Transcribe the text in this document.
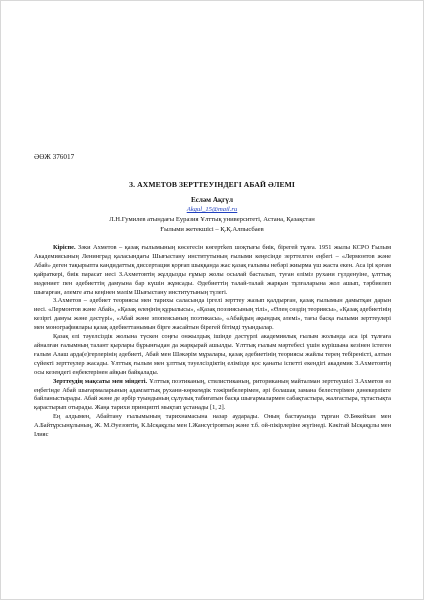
ӘӨЖ 376017
З. АХМЕТОВ ЗЕРТТЕУІНДЕГІ АБАЙ ӘЛЕМІ
Есләм Ақгүл
Akgul_15@mail.ru
Л.Н.Гумилев атындағы Еуразия Ұлттық университеті, Астана, Қазақстан
Ғылыми жетекшісі – Қ.Қ.Алпысбаев

Кіріспе. Зәки Ахметов – қазақ ғылымының көсегесін көгертken шоқтығы биік, бірегей тұлға. 1951 жылы КСРО Ғылым Академиясының Ленинград қаласындағы Шығыстану институтының ғылыми кеңесінде зерттелген еңбегі – «Лермонтов және Абай» деген тақырыпта кандидаттық диссертация қорғап шыққанда жас қазақ ғалымы небәрі жиырма үш жаста екен. Аса ірі қоғам қайраткері, биік парасат иесі З.Ахметовтің жұлдызды ғұмыр жолы осылай басталып, туған еліміз рухани гүлденуіне, ұлттық мәдениет пен әдебиеттің дамуына бар күшін жұмсады. Әдебиеттің талай-талай жарқын тұлғаларына жол ашып, тәрбиелеп шығарған, әлемге аты кеңінен мәлім Шығыстану институтының түлегі.

З.Ахметов – әдебиет теориясы мен тарихы саласында іргелі зерттеу жазып қалдырған, қазақ ғылымын дамытқан дарын иесі. «Лермонтов және Абай», «Қазақ өлеңінің құрылысы», «Қазақ поэзиясының тілі», «Өлең сөздің теориясы», «Қазақ әдебиетінің кезіргі дамуы және дәстүрі», «Абай және эпопеясының поэтикасы», «Абайдың ақындық әлемі», тағы басқа ғылыми зерттеулері мен монографиялары қазақ әдебиеттанымын бірге жасайтын бірегей бітімді туындылар.

Қазақ елі тәуелсіздік жолына түскен соңғы онжылдық ішінде дәстүрлі академиялық ғылым жолында аса ірі тұлғаға айналған ғалымның талант қырлары бұрынғыдан да жарқырай ашылды. Ұлттық ғылым мәртебесі үшін күрішына кезінен істеген ғалым Алаш арда(е)герлерінің әдебиеті, Абай мен Шәкәрім мұралары, қазақ әдебиетінің теориясы жайлы терең тебіреністі, алтын сүйекті зерттеулер жасады. Ұлттық ғылым мен ұлттық тәуелсіздіктің елімізде қос қанаты іспетті екендігі академик З.Ахметовтің осы кезеңдегі еңбектерінен айқын байқалады.

Зерттеудің мақсаты мен міндеті. Ұлттық поэтиканың, стилистиканың, риторикaның майталман зерттеушісі З.Ахметов өз еңбегінде Абай шығармаларының адамзаттық рухани-көркемдік тәжірибелерімен, әрі болашақ замана белестерімен дәнекерлікте байланыстырады. Абай және де әрбір туындының сұлулық табиғатын басқа шығармалармен сабақтастыра, жалғастыра, тұтастықта қарастырып отырады. Жаңа тарихи принципті мықтап ұстанады [1, 2].

Ең алдымен, Абайтану ғылымының тарихнамасына назар аударады. Оның бастауында тұрған Ә.Бөкейхан мен А.Байтұрсынұлының, Ж. М.Әуезовтің, К.Ысқақұлы мен І.Жансүгіровтың және т.б. ой-пікірлеріне жүгінеді. Кәкітай Ысқақұлы мен Ілияс
